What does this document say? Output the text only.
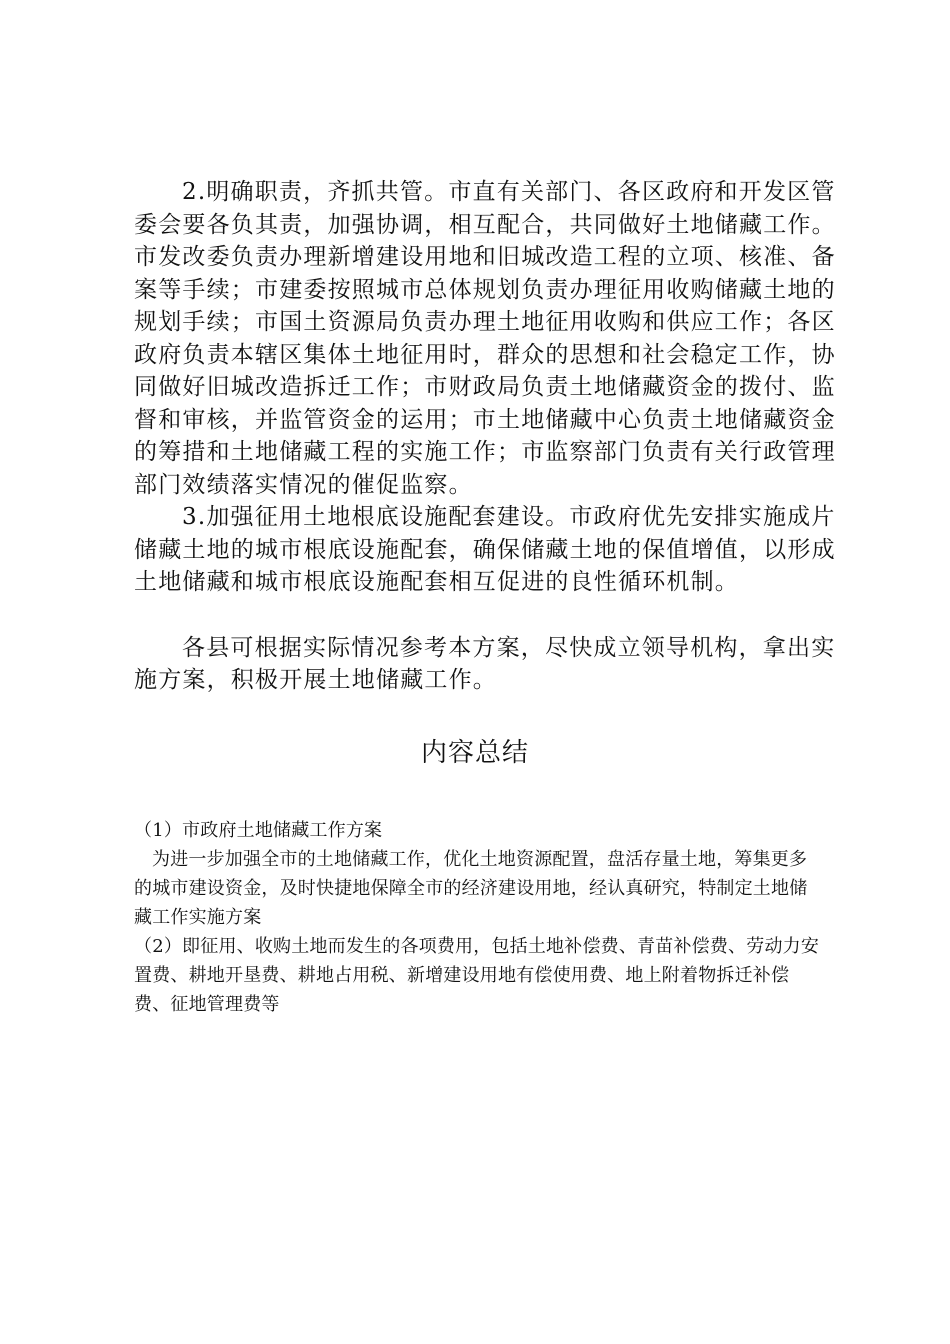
2.明确职责，齐抓共管。市直有关部门、各区政府和开发区管委会要各负其责，加强协调，相互配合，共同做好土地储藏工作。市发改委负责办理新增建设用地和旧城改造工程的立项、核准、备案等手续；市建委按照城市总体规划负责办理征用收购储藏土地的规划手续；市国土资源局负责办理土地征用收购和供应工作；各区政府负责本辖区集体土地征用时，群众的思想和社会稳定工作，协同做好旧城改造拆迁工作；市财政局负责土地储藏资金的拨付、监督和审核，并监管资金的运用；市土地储藏中心负责土地储藏资金的筹措和土地储藏工程的实施工作；市监察部门负责有关行政管理部门效绩落实情况的催促监察。

3.加强征用土地根底设施配套建设。市政府优先安排实施成片储藏土地的城市根底设施配套，确保储藏土地的保值增值，以形成土地储藏和城市根底设施配套相互促进的良性循环机制。

各县可根据实际情况参考本方案，尽快成立领导机构，拿出实施方案，积极开展土地储藏工作。

内容总结

（1）市政府土地储藏工作方案

为进一步加强全市的土地储藏工作，优化土地资源配置，盘活存量土地，筹集更多的城市建设资金，及时快捷地保障全市的经济建设用地，经认真研究，特制定土地储藏工作实施方案

（2）即征用、收购土地而发生的各项费用，包括土地补偿费、青苗补偿费、劳动力安置费、耕地开垦费、耕地占用税、新增建设用地有偿使用费、地上附着物拆迁补偿费、征地管理费等
